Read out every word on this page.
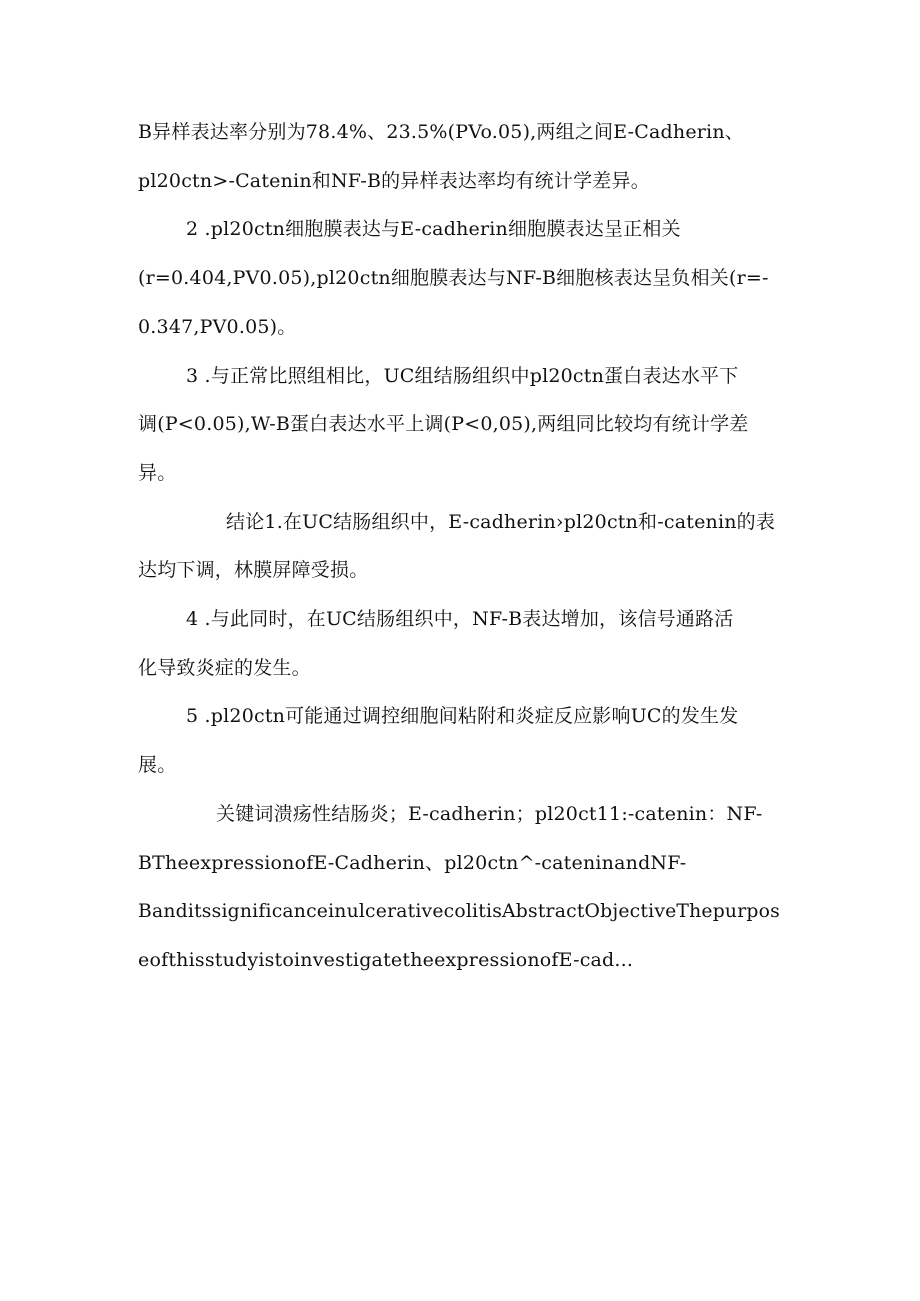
B异样表达率分别为78.4%、23.5%(PVo.05),两组之间E-Cadherin、
pl20ctn>-Catenin和NF-B的异样表达率均有统计学差异。
2 .pl20ctn细胞膜表达与E-cadherin细胞膜表达呈正相关
(r=0.404,PV0.05),pl20ctn细胞膜表达与NF-B细胞核表达呈负相关(r=-
0.347,PV0.05)。
3 .与正常比照组相比，UC组结肠组织中pl20ctn蛋白表达水平下
调(P<0.05),W-B蛋白表达水平上调(P<0,05),两组同比较均有统计学差
异。
结论1.在UC结肠组织中，E-cadherin›pl20ctn和-catenin的表
达均下调，林膜屏障受损。
4 .与此同时，在UC结肠组织中，NF-B表达增加，该信号通路活
化导致炎症的发生。
5 .pl20ctn可能通过调控细胞间粘附和炎症反应影响UC的发生发
展。
关键词溃疡性结肠炎；E-cadherin；pl20ct11:-catenin：NF-
BTheexpressionofE-Cadherin、pl20ctn^-cateninandNF-
BanditssignificanceinulcerativecolitisAbstractObjectiveThepurpos
eofthisstudyistoinvestigatetheexpressionofE-cad...
